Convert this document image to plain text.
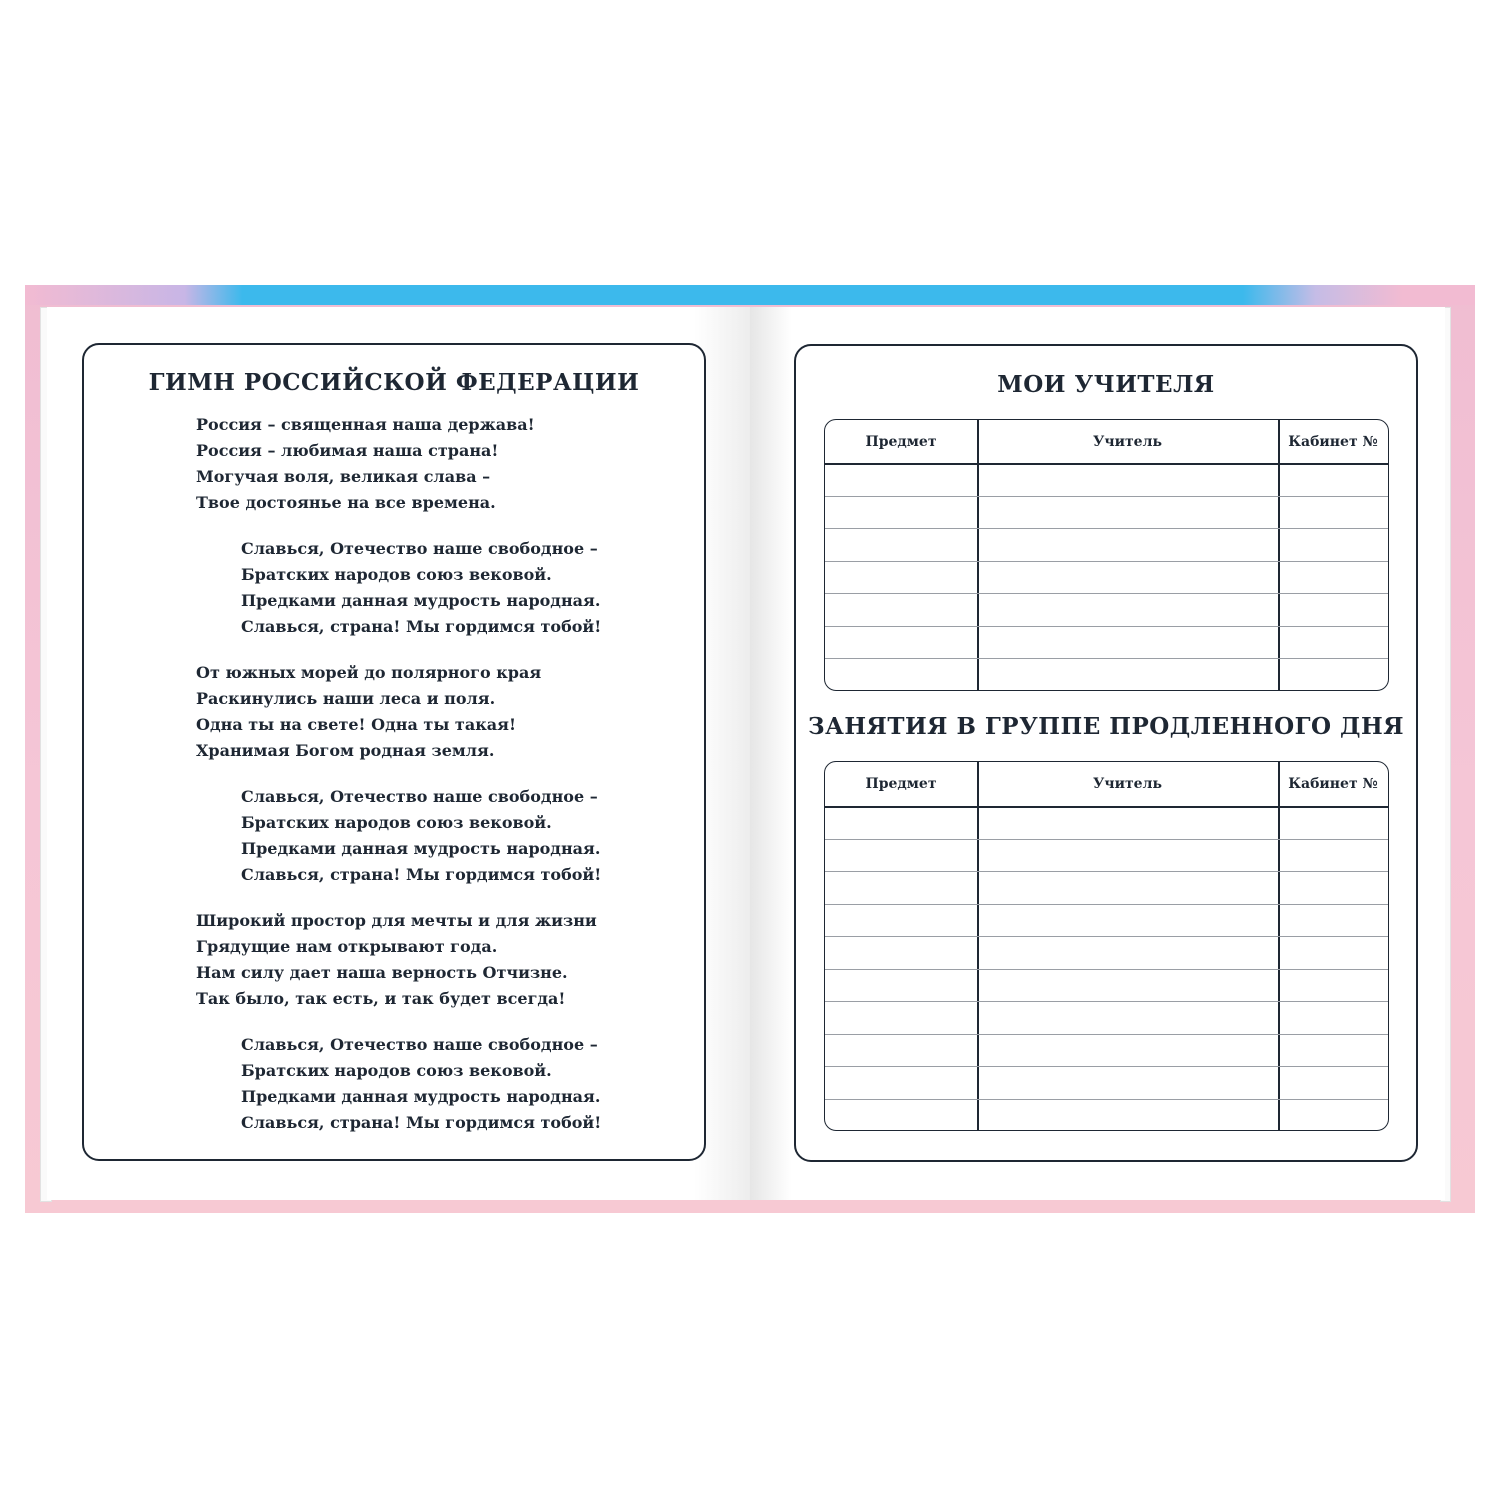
ГИМН РОССИЙСКОЙ ФЕДЕРАЦИИ
Россия – священная наша держава!
Россия – любимая наша страна!
Могучая воля, великая слава –
Твое достоянье на все времена.
Славься, Отечество наше свободное –
Братских народов союз вековой.
Предками данная мудрость народная.
Славься, страна! Мы гордимся тобой!
От южных морей до полярного края
Раскинулись наши леса и поля.
Одна ты на свете! Одна ты такая!
Хранимая Богом родная земля.
Славься, Отечество наше свободное –
Братских народов союз вековой.
Предками данная мудрость народная.
Славься, страна! Мы гордимся тобой!
Широкий простор для мечты и для жизни
Грядущие нам открывают года.
Нам силу дает наша верность Отчизне.
Так было, так есть, и так будет всегда!
Славься, Отечество наше свободное –
Братских народов союз вековой.
Предками данная мудрость народная.
Славься, страна! Мы гордимся тобой!
МОИ УЧИТЕЛЯ
Предмет	Учитель	Кабинет №
ЗАНЯТИЯ В ГРУППЕ ПРОДЛЕННОГО ДНЯ
Предмет	Учитель	Кабинет №
